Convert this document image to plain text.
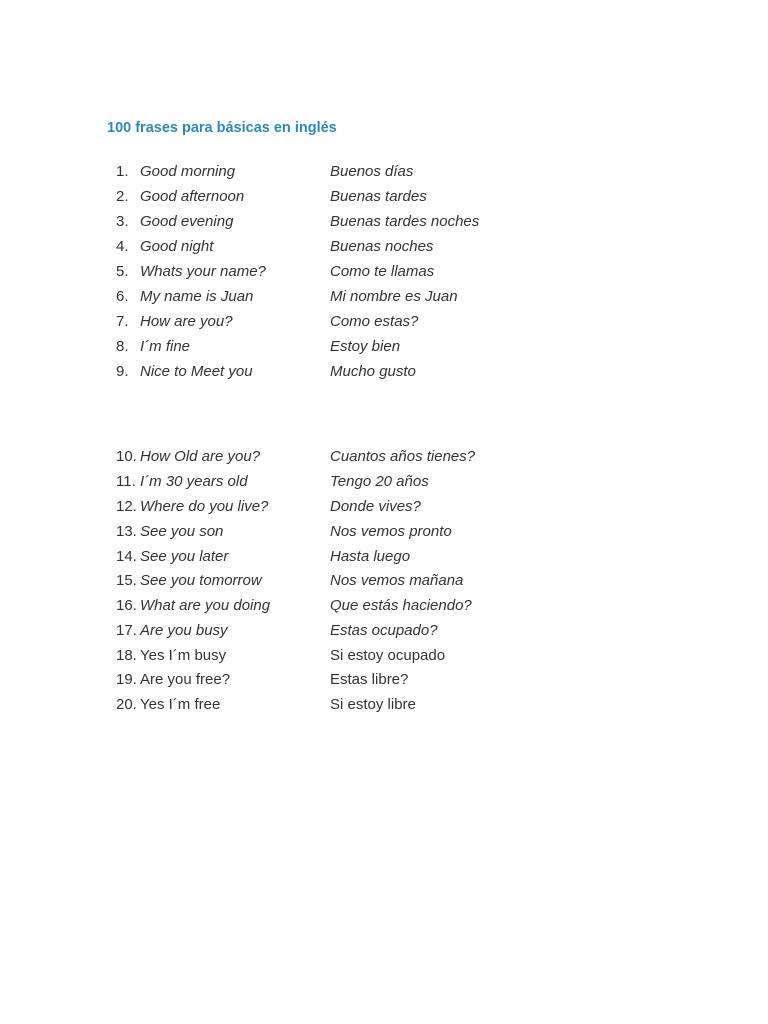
100 frases para básicas en inglés
1. Good morning	Buenos días
2. Good afternoon	Buenas tardes
3. Good evening	Buenas tardes noches
4. Good night	Buenas noches
5. Whats your name?	Como te llamas
6. My name is Juan	Mi nombre es Juan
7. How are you?	Como estas?
8. I´m fine	Estoy bien
9. Nice to Meet you	Mucho gusto
10. How Old are you?	Cuantos años tienes?
11. I´m 30 years old	Tengo 20 años
12. Where do you live?	Donde vives?
13. See you son	Nos vemos pronto
14. See you later	Hasta luego
15. See you tomorrow	Nos vemos mañana
16. What are you doing	Que estás haciendo?
17. Are you busy	Estas ocupado?
18. Yes I´m busy	Si estoy ocupado
19. Are you free?	Estas libre?
20. Yes I´m free	Si estoy libre
